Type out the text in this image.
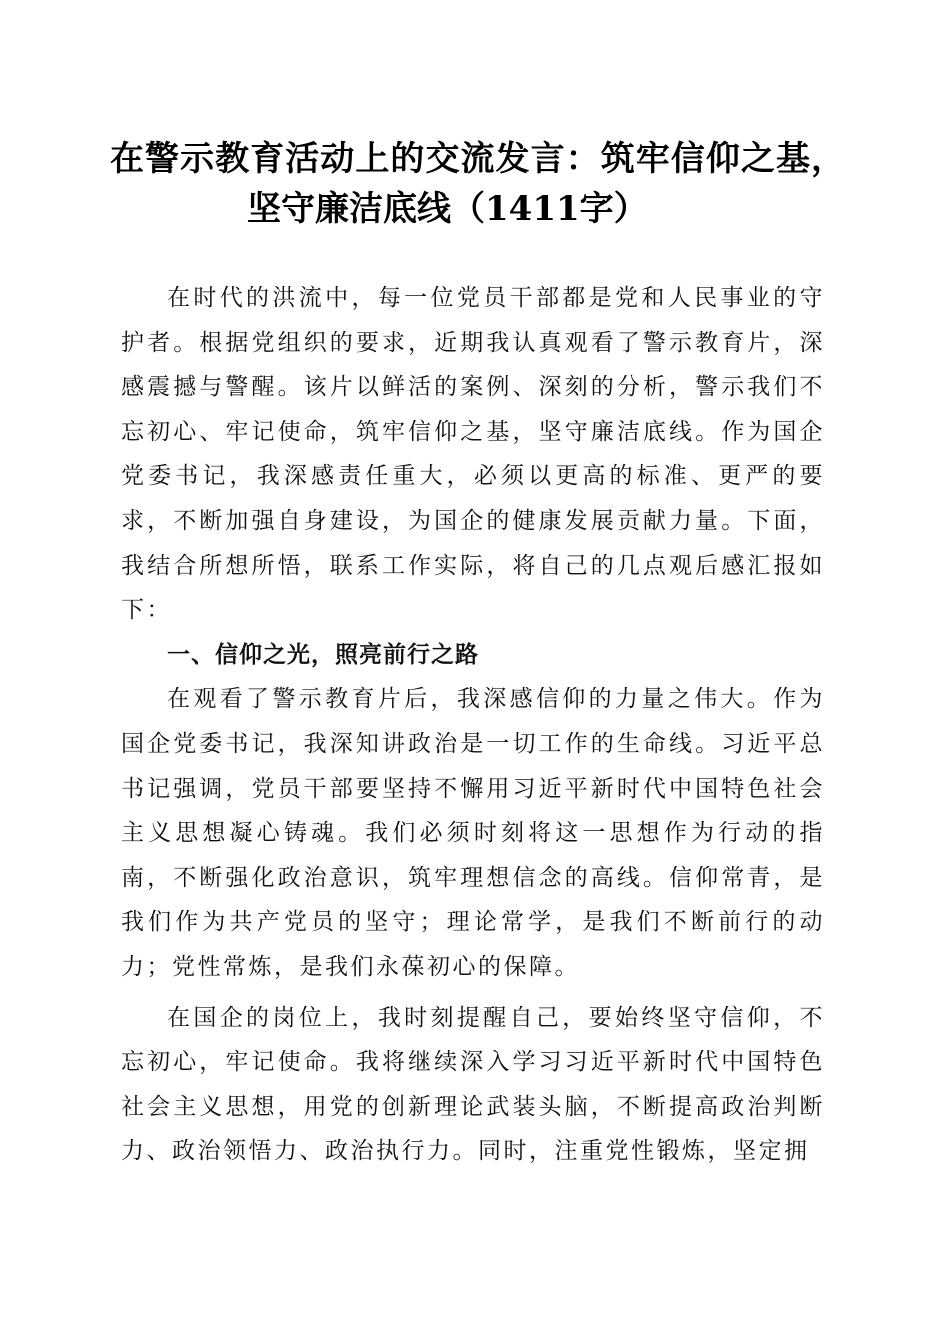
在警示教育活动上的交流发言：筑牢信仰之基，
坚守廉洁底线（1411字）

在时代的洪流中，每一位党员干部都是党和人民事业的守护者。根据党组织的要求，近期我认真观看了警示教育片，深感震撼与警醒。该片以鲜活的案例、深刻的分析，警示我们不忘初心、牢记使命，筑牢信仰之基，坚守廉洁底线。作为国企党委书记，我深感责任重大，必须以更高的标准、更严的要求，不断加强自身建设，为国企的健康发展贡献力量。下面，我结合所想所悟，联系工作实际，将自己的几点观后感汇报如下：

一、信仰之光，照亮前行之路

在观看了警示教育片后，我深感信仰的力量之伟大。作为国企党委书记，我深知讲政治是一切工作的生命线。习近平总书记强调，党员干部要坚持不懈用习近平新时代中国特色社会主义思想凝心铸魂。我们必须时刻将这一思想作为行动的指南，不断强化政治意识，筑牢理想信念的高线。信仰常青，是我们作为共产党员的坚守；理论常学，是我们不断前行的动力；党性常炼，是我们永葆初心的保障。

在国企的岗位上，我时刻提醒自己，要始终坚守信仰，不忘初心，牢记使命。我将继续深入学习习近平新时代中国特色社会主义思想，用党的创新理论武装头脑，不断提高政治判断力、政治领悟力、政治执行力。同时，注重党性锻炼，坚定拥
